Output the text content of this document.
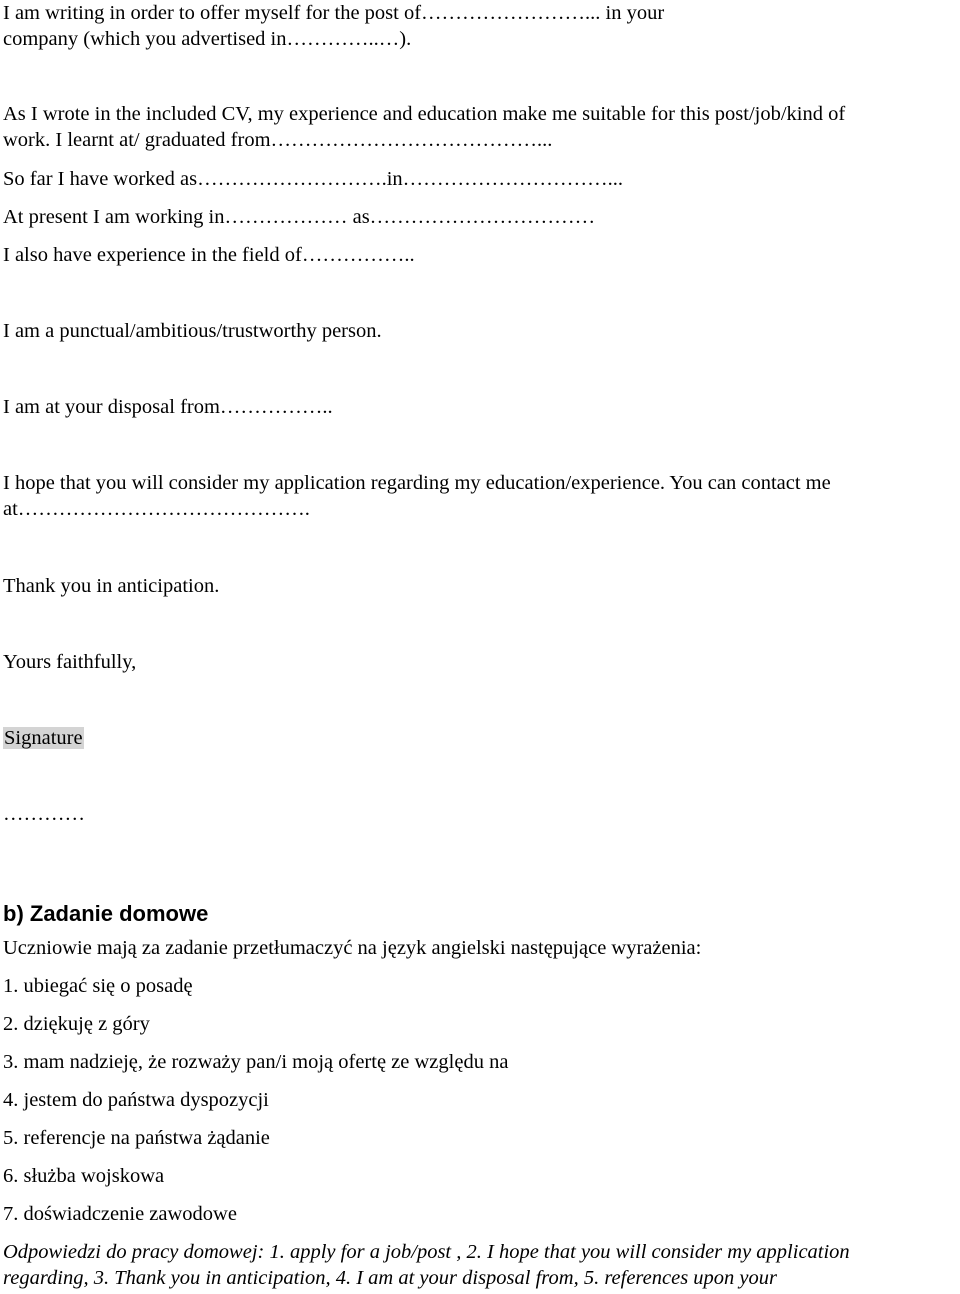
I am writing in order to offer myself for the post of……………………... in your

company (which you advertised in…………..…).

As I wrote in the included CV, my experience and education make me suitable for this post/job/kind of

work. I learnt at/ graduated from…………………………………...

So far I have worked as……………………….in…………………………...

At present I am working in……………… as……………………………

I also have experience in the field of……………..

I am a punctual/ambitious/trustworthy person.

I am at your disposal from……………..

I hope that you will consider my application regarding my education/experience. You can contact me

at…………………………………….

Thank you in anticipation.

Yours faithfully,

Signature

…………

b) Zadanie domowe

Uczniowie mają za zadanie przetłumaczyć na język angielski następujące wyrażenia:

1. ubiegać się o posadę

2. dziękuję z góry

3. mam nadzieję, że rozważy pan/i moją ofertę ze względu na

4. jestem do państwa dyspozycji

5. referencje na państwa żądanie

6. służba wojskowa

7. doświadczenie zawodowe

Odpowiedzi do pracy domowej: 1. apply for a job/post , 2. I hope that you will consider my application

regarding, 3. Thank you in anticipation, 4. I am at your disposal from, 5. references upon your
